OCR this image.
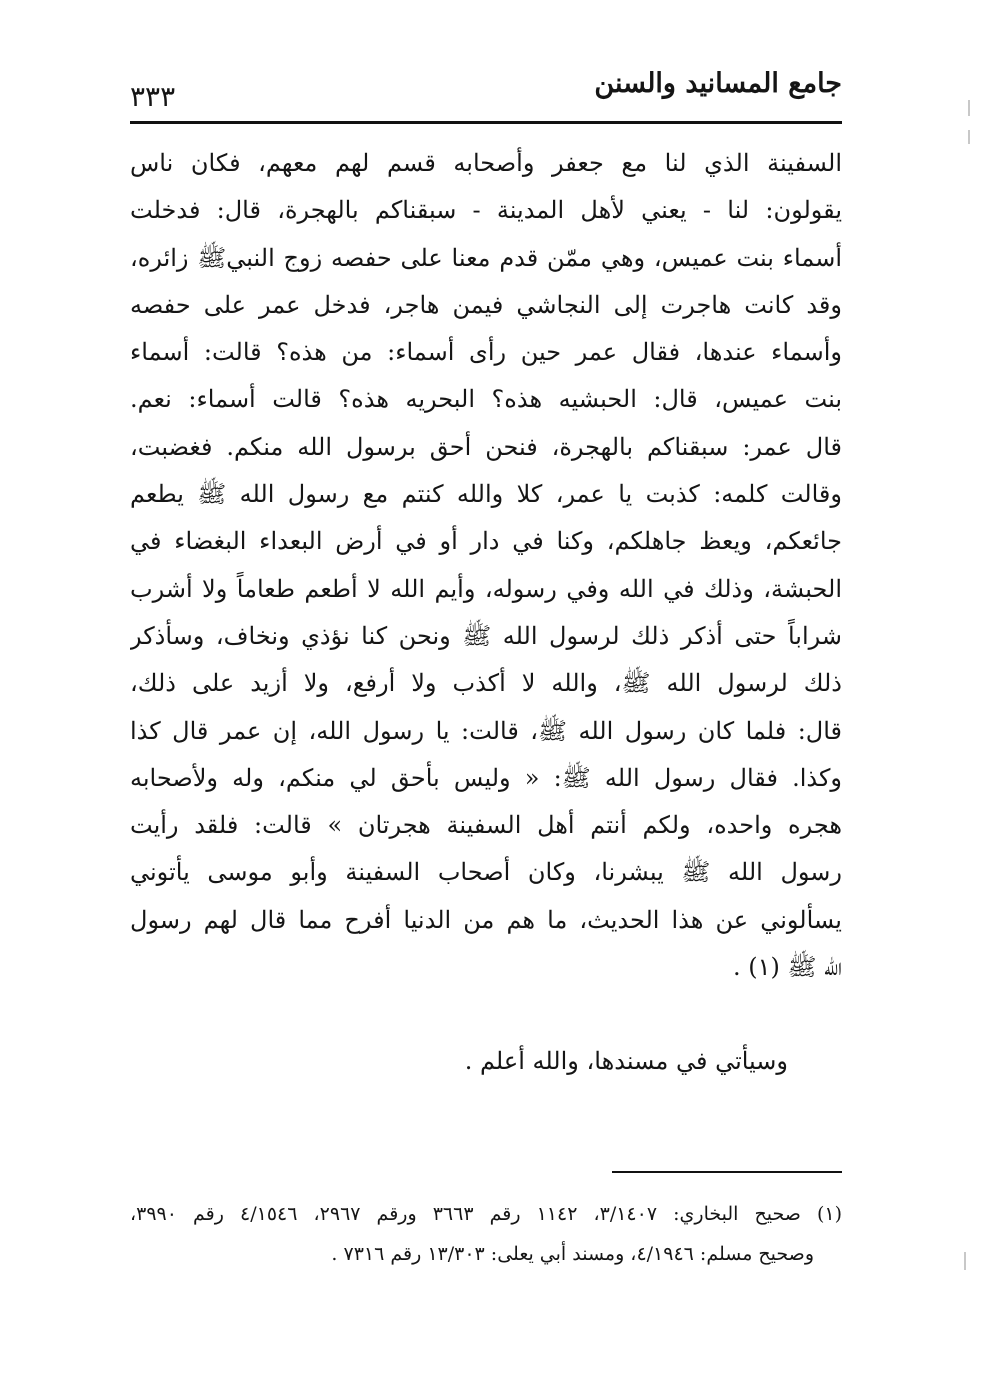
جامع المسانيد والسنن
٣٣٣
السفينة الذي لنا مع جعفر وأصحابه قسم لهم معهم، فكان ناس
يقولون: لنا - يعني لأهل المدينة - سبقناكم بالهجرة، قال: فدخلت
أسماء بنت عميس، وهي ممّن قدم معنا على حفصه زوج النبيﷺ زائره،
وقد كانت هاجرت إلى النجاشي فيمن هاجر، فدخل عمر على حفصه
وأسماء عندها، فقال عمر حين رأى أسماء: من هذه؟ قالت: أسماء
بنت عميس، قال: الحبشيه هذه؟ البحريه هذه؟ قالت أسماء: نعم.
قال عمر: سبقناكم بالهجرة، فنحن أحق برسول الله منكم. فغضبت،
وقالت كلمه: كذبت يا عمر، كلا والله كنتم مع رسول الله ﷺ يطعم
جائعكم، ويعظ جاهلكم، وكنا في دار أو في أرض البعداء البغضاء في
الحبشة، وذلك في الله وفي رسوله، وأيم الله لا أطعم طعاماً ولا أشرب
شراباً حتى أذكر ذلك لرسول الله ﷺ ونحن كنا نؤذي ونخاف، وسأذكر
ذلك لرسول الله ﷺ، والله لا أكذب ولا أرفع، ولا أزيد على ذلك،
قال: فلما كان رسول الله ﷺ، قالت: يا رسول الله، إن عمر قال كذا
وكذا. فقال رسول الله ﷺ: « وليس بأحق لي منكم، وله ولأصحابه
هجره واحده، ولكم أنتم أهل السفينة هجرتان » قالت: فلقد رأيت
رسول الله ﷺ يبشرنا، وكان أصحاب السفينة وأبو موسى يأتوني
يسألوني عن هذا الحديث، ما هم من الدنيا أفرح مما قال لهم رسول
الله ﷺ (١) .
وسيأتي في مسندها، والله أعلم .
(١) صحيح البخاري: ٣/١٤٠٧، ١١٤٢ رقم ٣٦٦٣ ورقم ٢٩٦٧، ٤/١٥٤٦ رقم ٣٩٩٠،
وصحيح مسلم: ٤/١٩٤٦، ومسند أبي يعلى: ١٣/٣٠٣ رقم ٧٣١٦ .
